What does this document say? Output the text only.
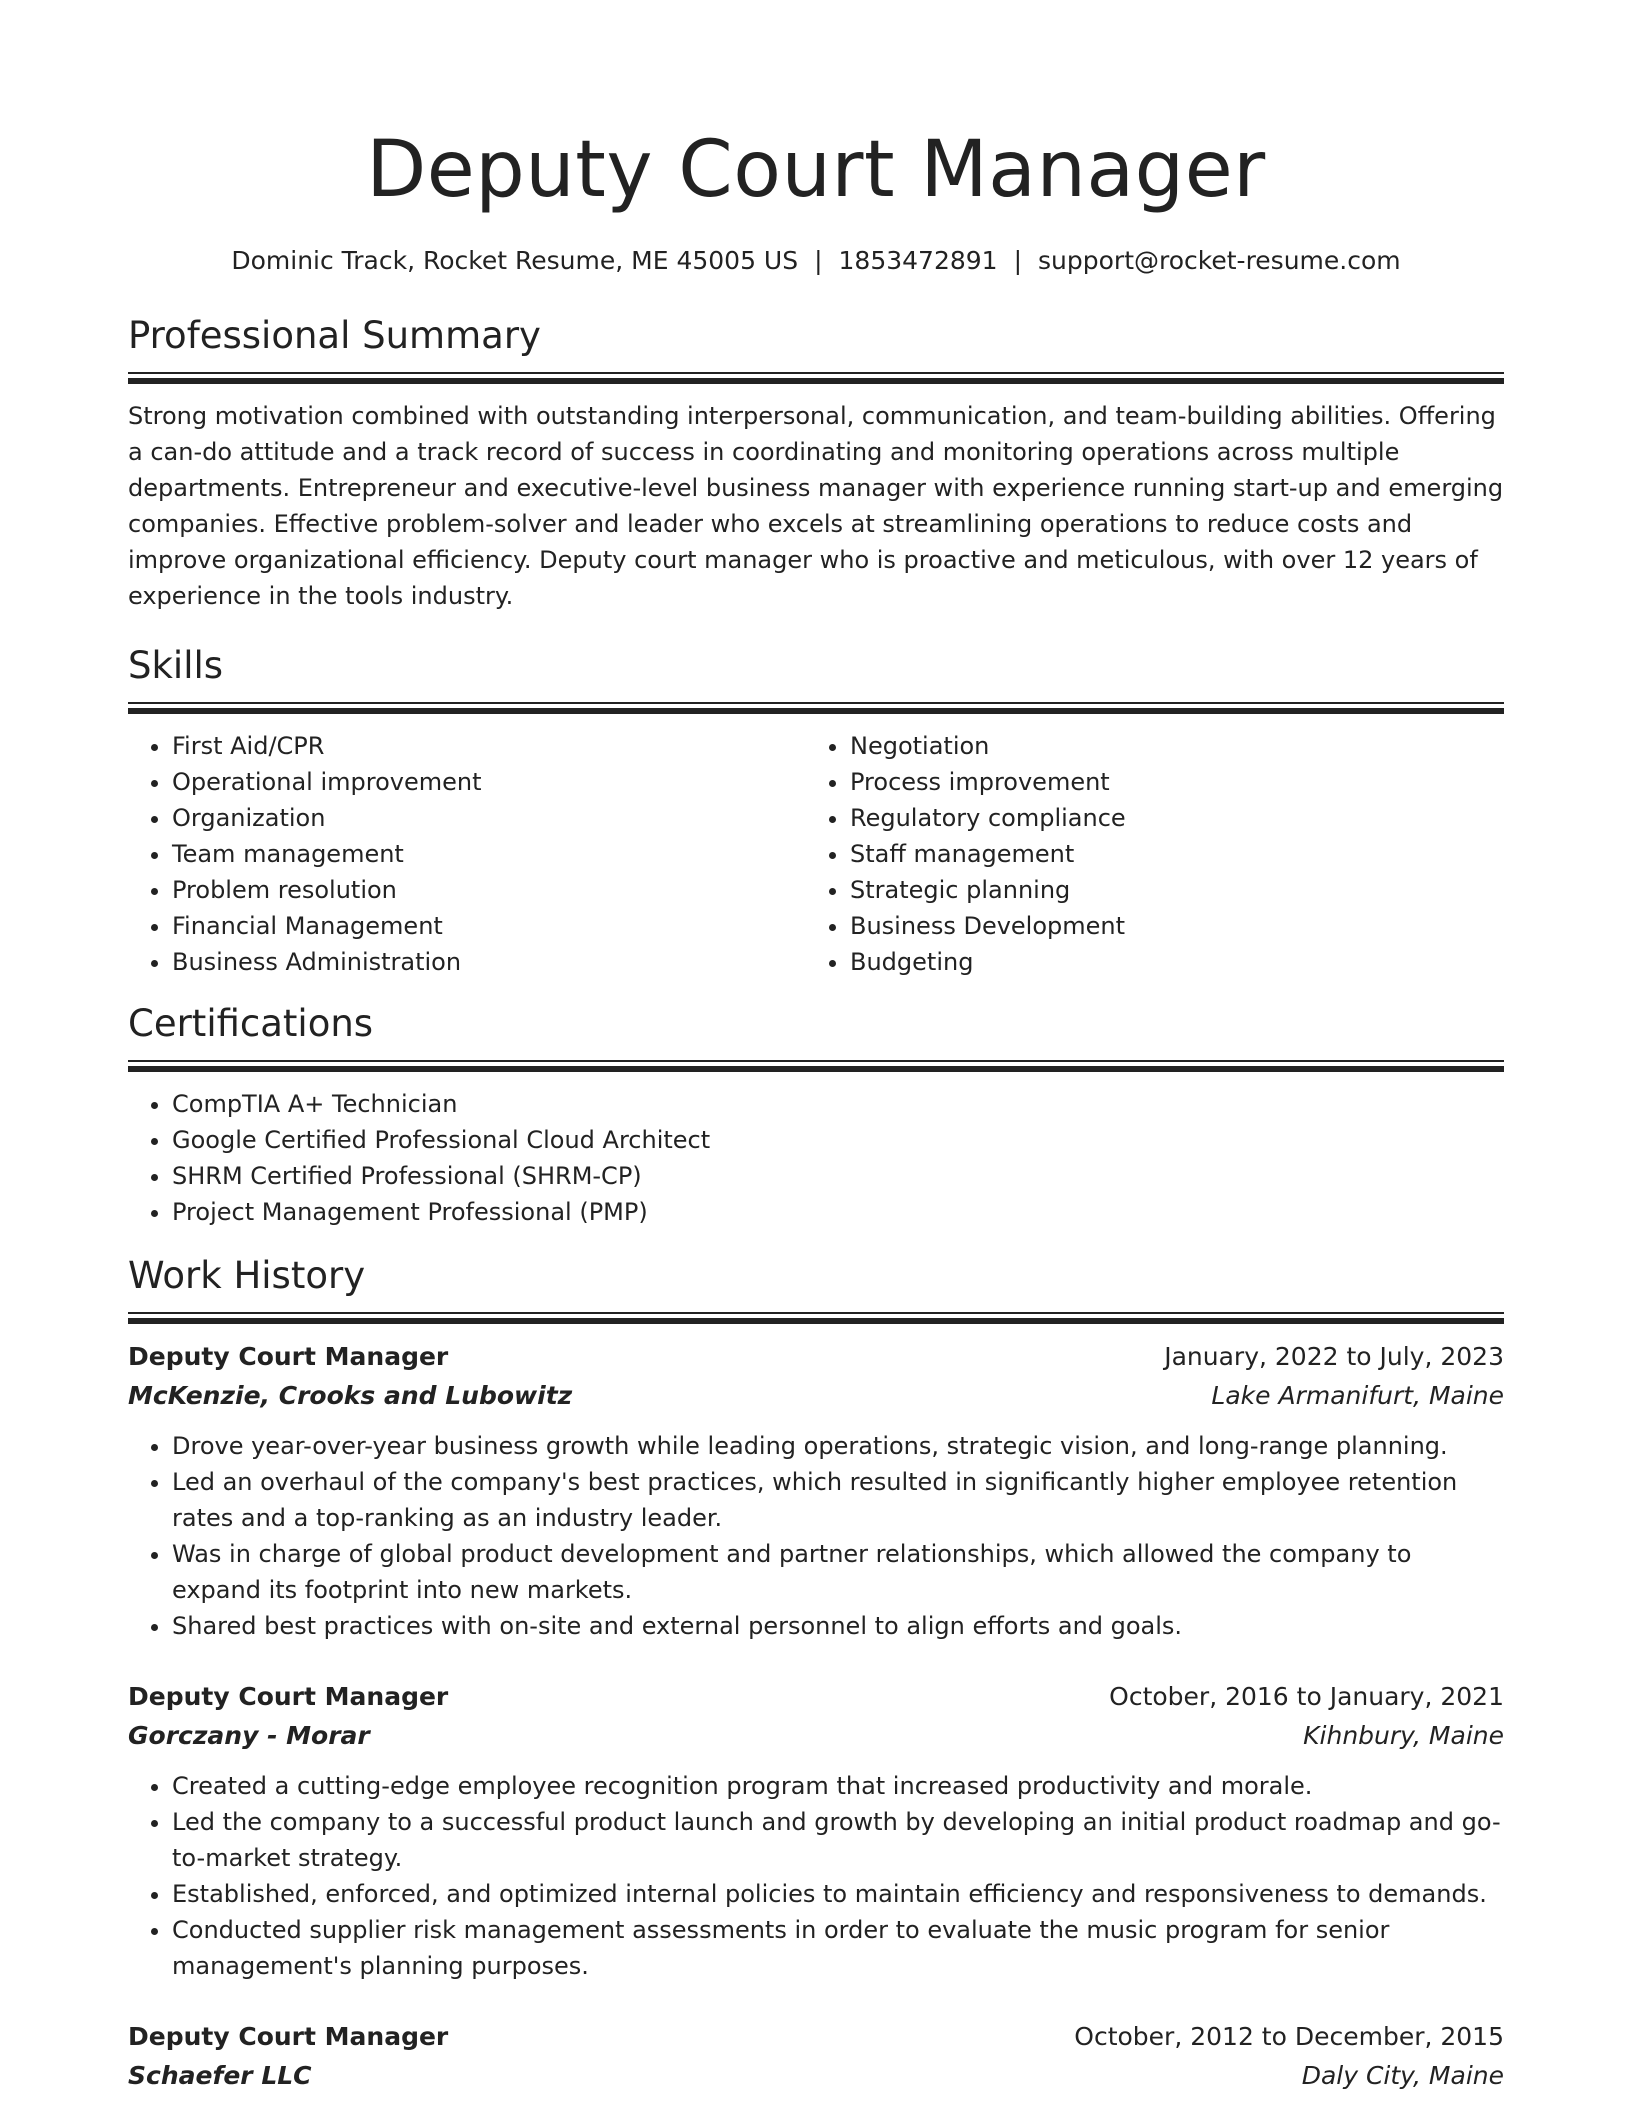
Deputy Court Manager
Dominic Track, Rocket Resume, ME 45005 US | 1853472891 | support@rocket-resume.com
Professional Summary

Strong motivation combined with outstanding interpersonal, communication, and team-building abilities. Offering a can-do attitude and a track record of success in coordinating and monitoring operations across multiple departments. Entrepreneur and executive-level business manager with experience running start-up and emerging companies. Effective problem-solver and leader who excels at streamlining operations to reduce costs and improve organizational efficiency. Deputy court manager who is proactive and meticulous, with over 12 years of experience in the tools industry.

Skills
• First Aid/CPR
• Operational improvement
• Organization
• Team management
• Problem resolution
• Financial Management
• Business Administration
• Negotiation
• Process improvement
• Regulatory compliance
• Staff management
• Strategic planning
• Business Development
• Budgeting
Certifications
• CompTIA A+ Technician
• Google Certified Professional Cloud Architect
• SHRM Certified Professional (SHRM-CP)
• Project Management Professional (PMP)
Work History
Deputy Court Manager	January, 2022 to July, 2023
McKenzie, Crooks and Lubowitz	Lake Armanifurt, Maine
• Drove year-over-year business growth while leading operations, strategic vision, and long-range planning.
• Led an overhaul of the company's best practices, which resulted in significantly higher employee retention rates and a top-ranking as an industry leader.
• Was in charge of global product development and partner relationships, which allowed the company to expand its footprint into new markets.
• Shared best practices with on-site and external personnel to align efforts and goals.
Deputy Court Manager	October, 2016 to January, 2021
Gorczany - Morar	Kihnbury, Maine
• Created a cutting-edge employee recognition program that increased productivity and morale.
• Led the company to a successful product launch and growth by developing an initial product roadmap and go-to-market strategy.
• Established, enforced, and optimized internal policies to maintain efficiency and responsiveness to demands.
• Conducted supplier risk management assessments in order to evaluate the music program for senior management's planning purposes.
Deputy Court Manager	October, 2012 to December, 2015
Schaefer LLC	Daly City, Maine
